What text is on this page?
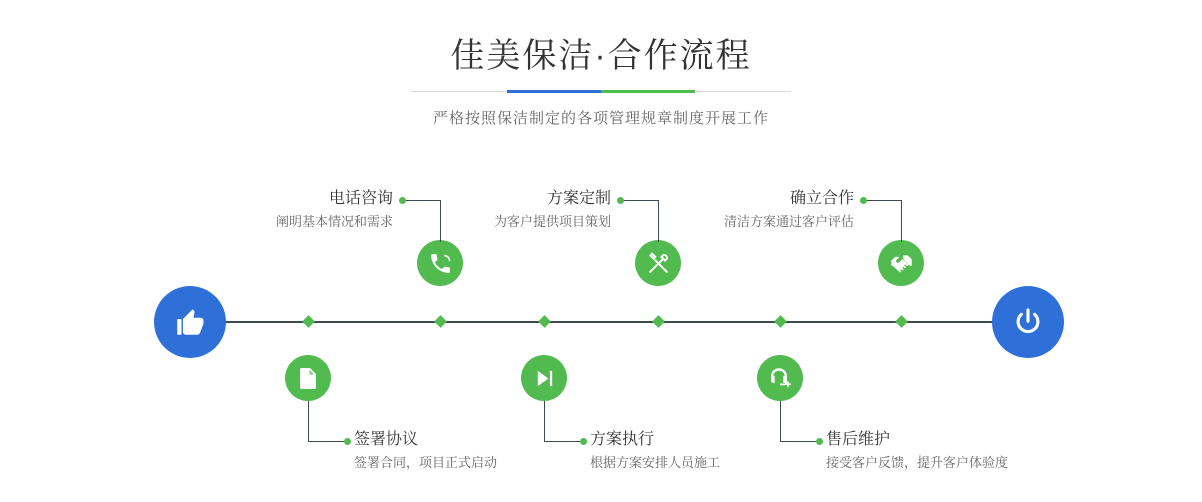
佳美保洁·合作流程
严格按照保洁制定的各项管理规章制度开展工作
电话咨询
阐明基本情况和需求
签署协议
签署合同，项目正式启动
方案定制
为客户提供项目策划
方案执行
根据方案安排人员施工
售后维护
接受客户反馈，提升客户体验度
确立合作
清洁方案通过客户评估
